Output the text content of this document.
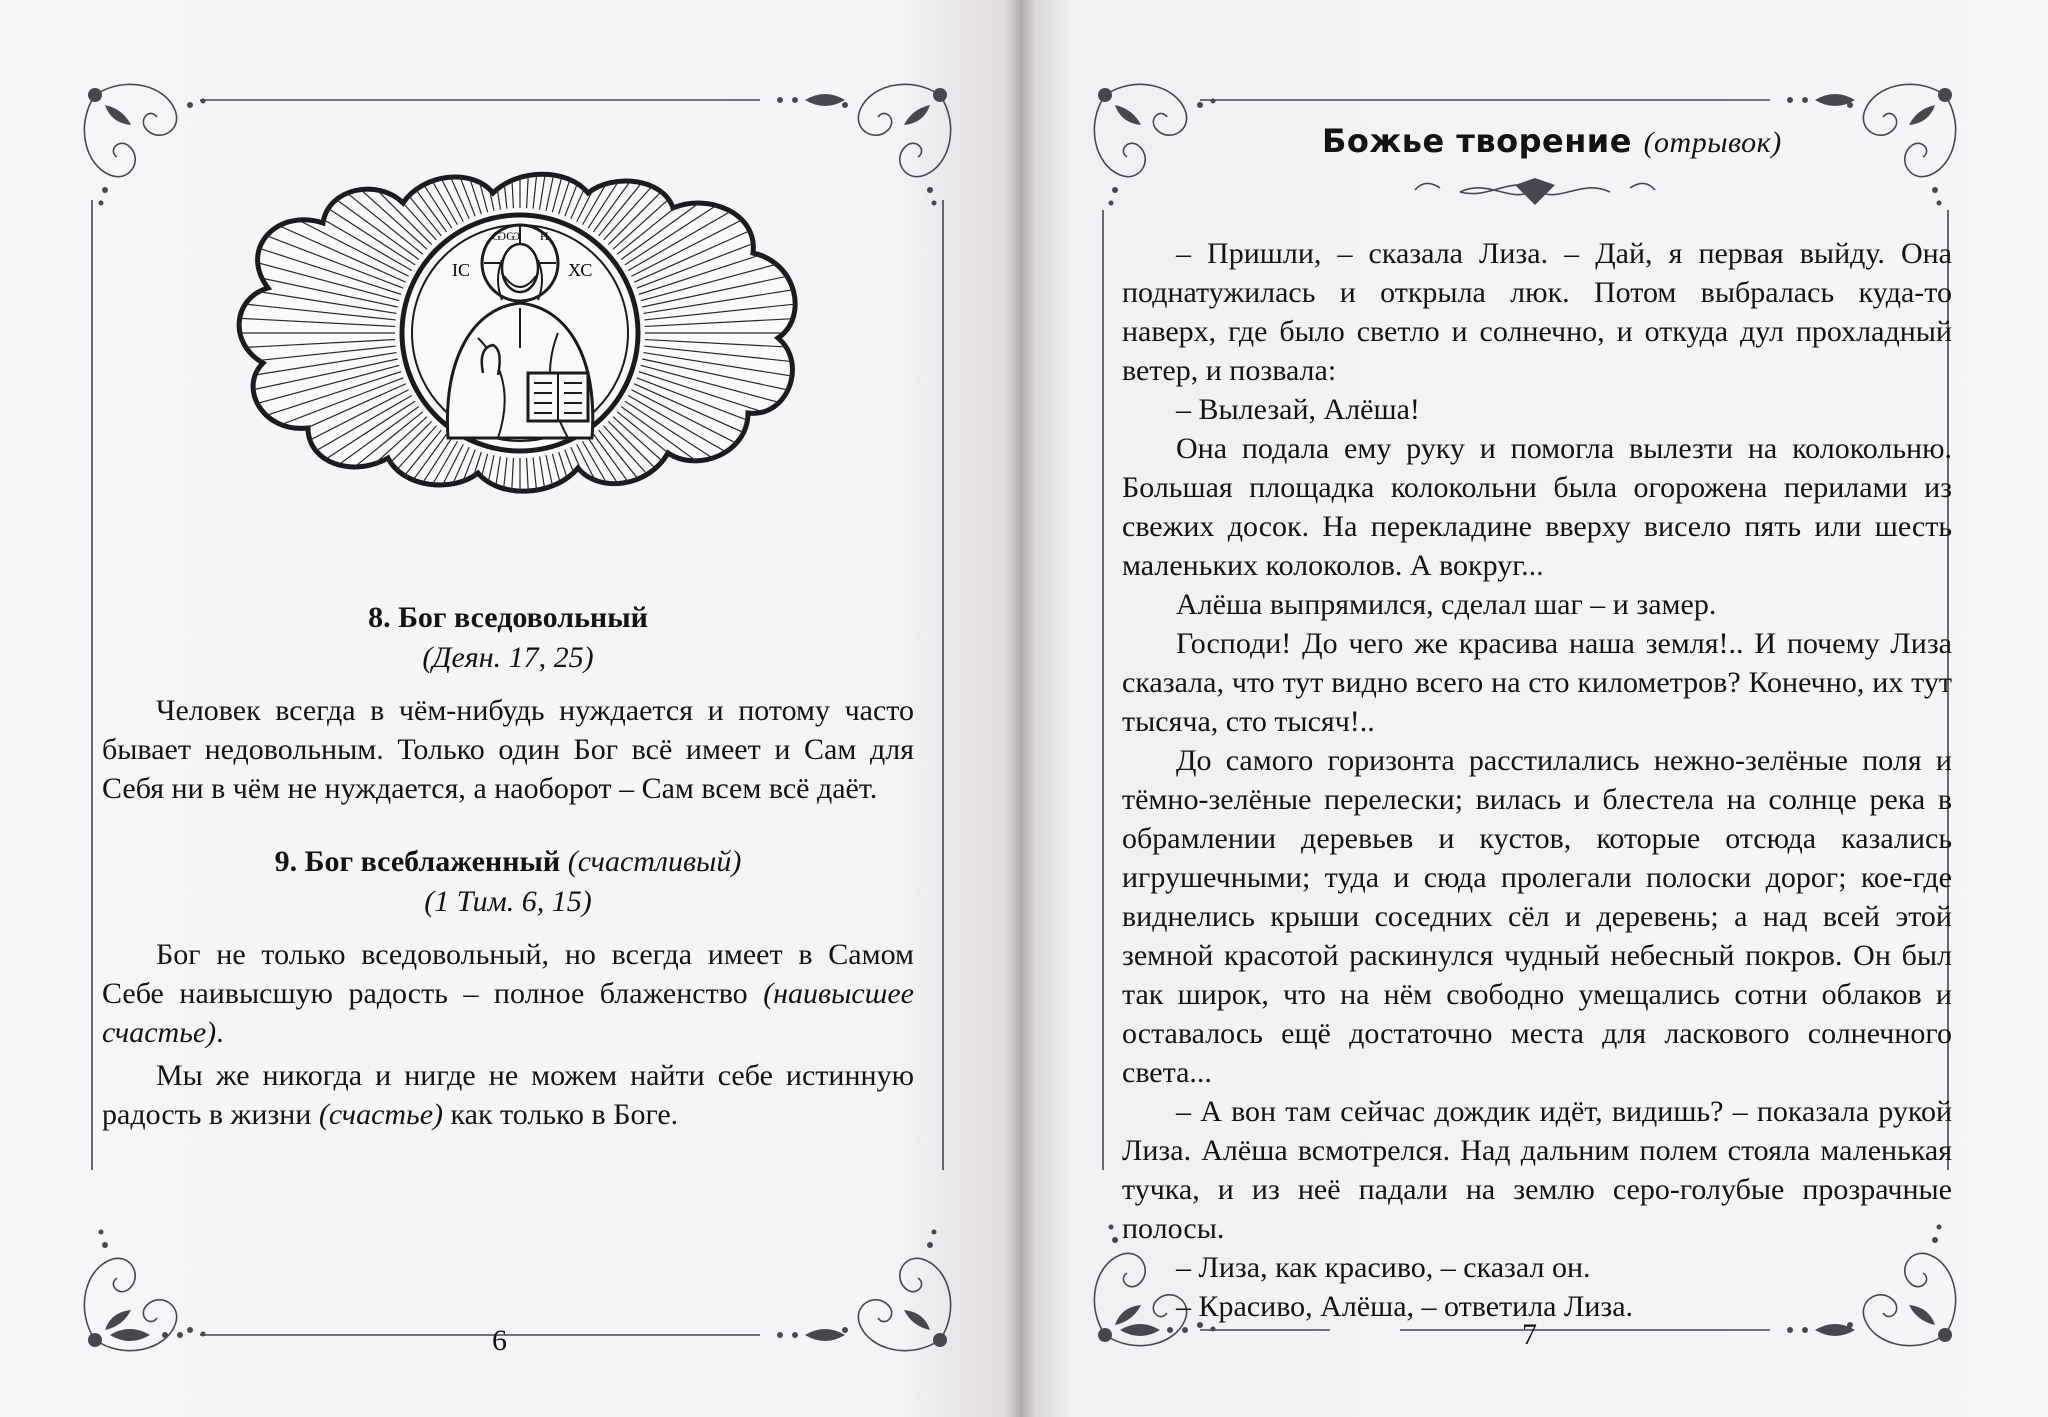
ІС	ХС
ѠѠ Н

8. Бог вседовольный

(Деян. 17, 25)

Человек всегда в чём-нибудь нуждается и потому часто бывает недовольным. Только один Бог всё имеет и Сам для Себя ни в чём не нуждается, а наоборот – Сам всем всё даёт.

9. Бог всеблаженный (счастливый)

(1 Тим. 6, 15)

Бог не только вседовольный, но всегда имеет в Самом Себе наивысшую радость – полное блаженство (наивысшее счастье).

Мы же никогда и нигде не можем найти себе истинную радость в жизни (счастье) как только в Боге.

6
Божье творение (отрывок)

– Пришли, – сказала Лиза. – Дай, я первая выйду. Она поднатужилась и открыла люк. Потом выбралась куда-то наверх, где было светло и солнечно, и откуда дул прохладный ветер, и позвала:

– Вылезай, Алёша!

Она подала ему руку и помогла вылезти на колокольню. Большая площадка колокольни была огорожена перилами из свежих досок. На перекладине вверху висело пять или шесть маленьких колоколов. А вокруг...

Алёша выпрямился, сделал шаг – и замер.

Господи! До чего же красива наша земля!.. И почему Лиза сказала, что тут видно всего на сто километров? Конечно, их тут тысяча, сто тысяч!..

До самого горизонта расстилались нежно-зелёные поля и тёмно-зелёные перелески; вилась и блестела на солнце река в обрамлении деревьев и кустов, которые отсюда казались игрушечными; туда и сюда пролегали полоски дорог; кое-где виднелись крыши соседних сёл и деревень; а над всей этой земной красотой раскинулся чудный небесный покров. Он был так широк, что на нём свободно умещались сотни облаков и оставалось ещё достаточно места для ласкового солнечного света...

– А вон там сейчас дождик идёт, видишь? – показала рукой Лиза. Алёша всмотрелся. Над дальним полем стояла маленькая тучка, и из неё падали на землю серо-голубые прозрачные полосы.

– Лиза, как красиво, – сказал он.

– Красиво, Алёша, – ответила Лиза.

7
